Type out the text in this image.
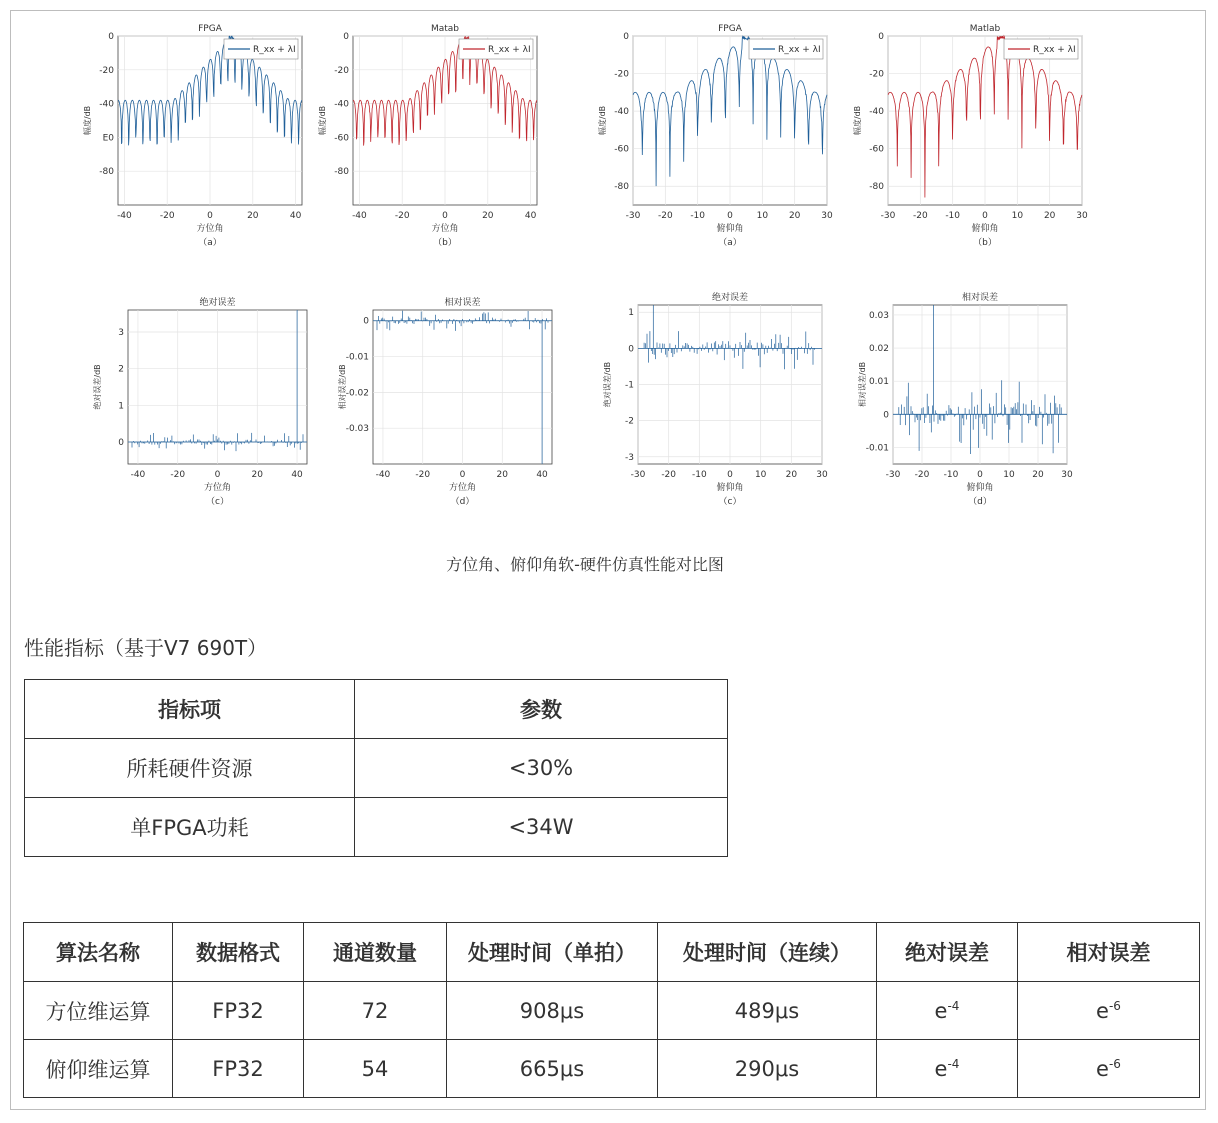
-40	-20	0	20	40
0
-20
-40
E0
-80
FPGA
方位角
（a）
幅度/dB
R_xx + λI
-40	-20	0	20	40
0
-20
-40
-60
-80
Matab
方位角
（b）
幅度/dB
R_xx + λI
-30 -20 -10 0	10 20 30
0
-20
-40
-60
-80
FPGA
俯仰角
（a）
幅度/dB
R_xx + λI
-30 -20 -10 0	10 20 30
0
-20
-40
-60
-80
Matlab
俯仰角
（b）
幅度/dB
R_xx + λI
-40	-20	0	20	40
3
2
1
0
绝对误差
方位角
（c）
绝对误差/dB
-40	-20	0	20	40
0
-0.01
-0.02
-0.03
相对误差
方位角
（d）
相对误差/dB
-30 -20 -10 0 10 20 30
1
0
-1
-2
-3
绝对误差
俯仰角
（c）
绝对误差/dB
-30 -20 -10 0 10 20 30
0.03
0.02
0.01
0
-0.01
相对误差
俯仰角
（d）
相对误差/dB
方位角、俯仰角软-硬件仿真性能对比图
性能指标（基于V7 690T）
指标项	参数
所耗硬件资源	<30%
单FPGA功耗	<34W
算法名称	数据格式	通道数量	处理时间（单拍）	处理时间（连续）	绝对误差	相对误差
方位维运算	FP32	72	908μs	489μs	$e^{-4}$	$e^{-6}$
俯仰维运算	FP32	54	665μs	290μs	$e^{-4}$	$e^{-6}$
